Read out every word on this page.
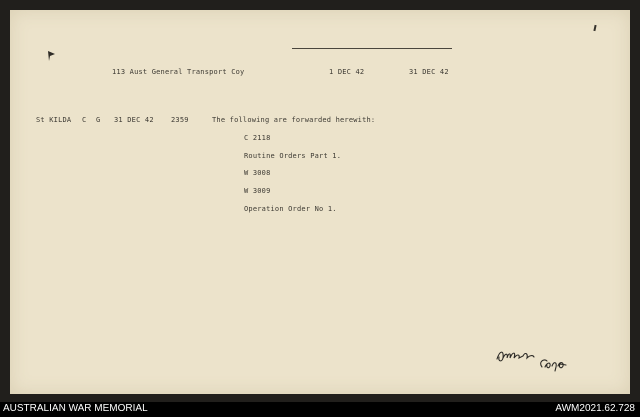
113 Aust General Transport Coy	1 DEC 42	31 DEC 42
St KILDA C G 31 DEC 42 2359	The following are forwarded herewith:
C 2118
Routine Orders Part 1.
W 3008
W 3009
Operation Order No 1.
AUSTRALIAN WAR MEMORIAL	AWM2021.62.728
